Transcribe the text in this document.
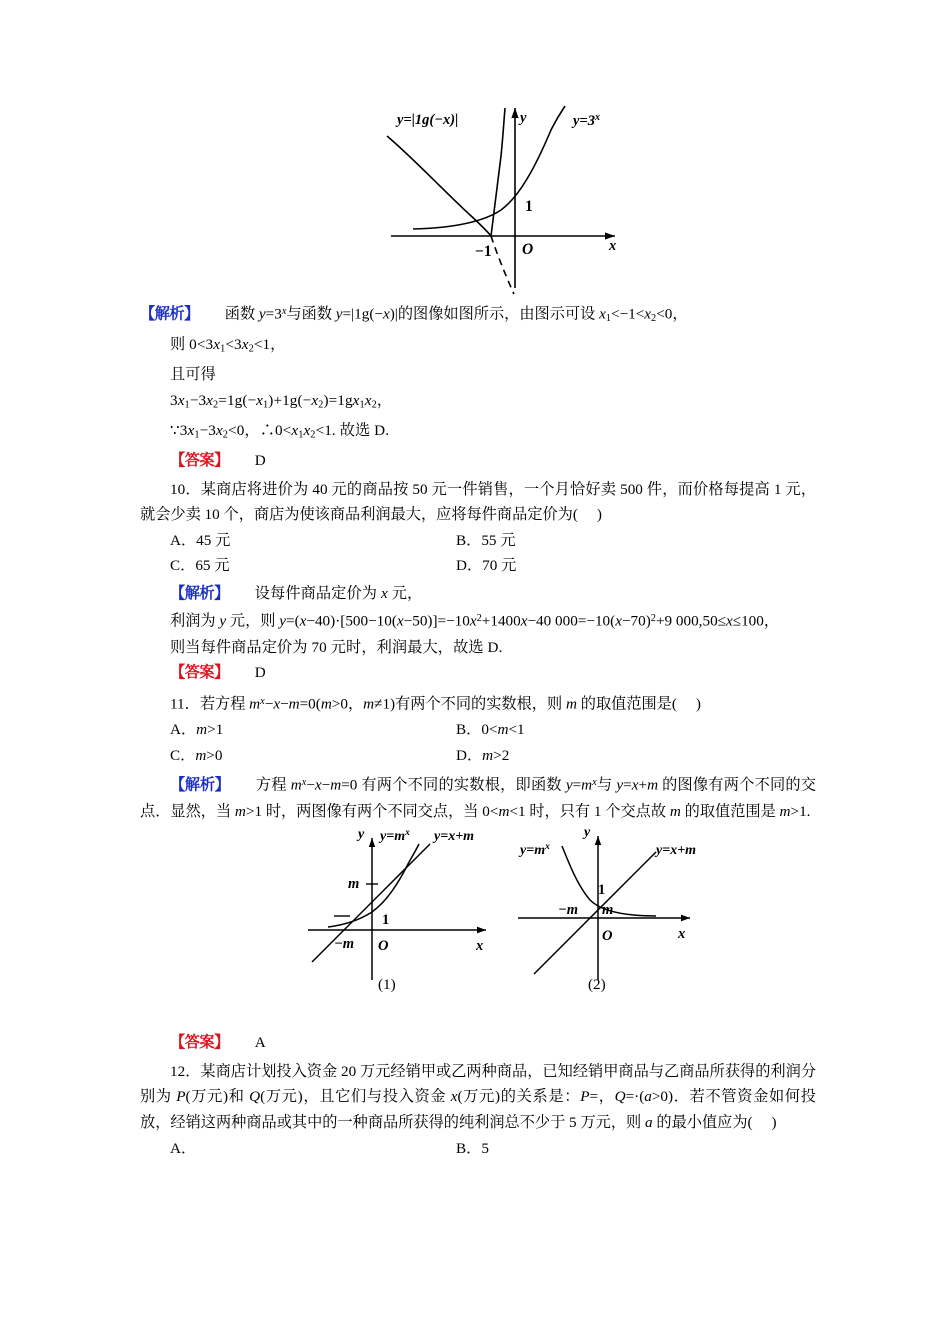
y=|1g(−x)|	$y=3^x$
y
x
O
−1
1
【解析】 函数 $y=3^x$与函数 y=|1g(−x)|的图像如图所示，由图示可设 $x_1<-1<x_2<0$，
则 $0<3x_1<3x_2<1$，
且可得
$3x_1-3x_2=1g(-x_1)+1g(-x_2)=1gx_1x_2$，
$\because 3x_1-3x_2<0$，$\therefore 0<x_1x_2<1$. 故选 D.
【答案】 D
10．某商店将进价为 40 元的商品按 50 元一件销售，一个月恰好卖 500 件，而价格每提高 1 元，就会少卖 10 个，商店为使该商品利润最大，应将每件商品定价为(     )
A．45 元	B．55 元
C．65 元	D．70 元
【解析】 设每件商品定价为 x 元，
利润为 y 元，则 $y=(x-40)\cdot[500-10(x-50)]=-10x^2+1400x-40$ $000=-10(x-70)^2+9$ 000,50≤x≤100，
则当每件商品定价为 70 元时，利润最大，故选 D.
【答案】 D
11．若方程 $m^x-x-m=0(m>0$，m≠1)有两个不同的实数根，则 m 的取值范围是(     )
A．m>1	B．0<m<1
C．m>0	D．m>2
【解析】 方程 $m^x-x-m=0$ 有两个不同的实数根，即函数 $y=m^x$与 y=x+m 的图像有两个不同的交点．显然，当 m>1 时，两图像有两个不同交点，当 0<m<1 时，只有 1 个交点故 m 的取值范围是 m>1.
y $y=m^x$ y=x+m
m
−m
1
O	x
(1)
y
$y=m^x$	y=x+m
1
m
−m
O	x
(2)
【答案】 A
12．某商店计划投入资金 20 万元经销甲或乙两种商品，已知经销甲商品与乙商品所获得的利润分别为 P(万元)和 Q(万元)，且它们与投入资金 x(万元)的关系是：P=，Q=·(a>0)．若不管资金如何投放，经销这两种商品或其中的一种商品所获得的纯利润总不少于 5 万元，则 a 的最小值应为(     )
A．	B．5
